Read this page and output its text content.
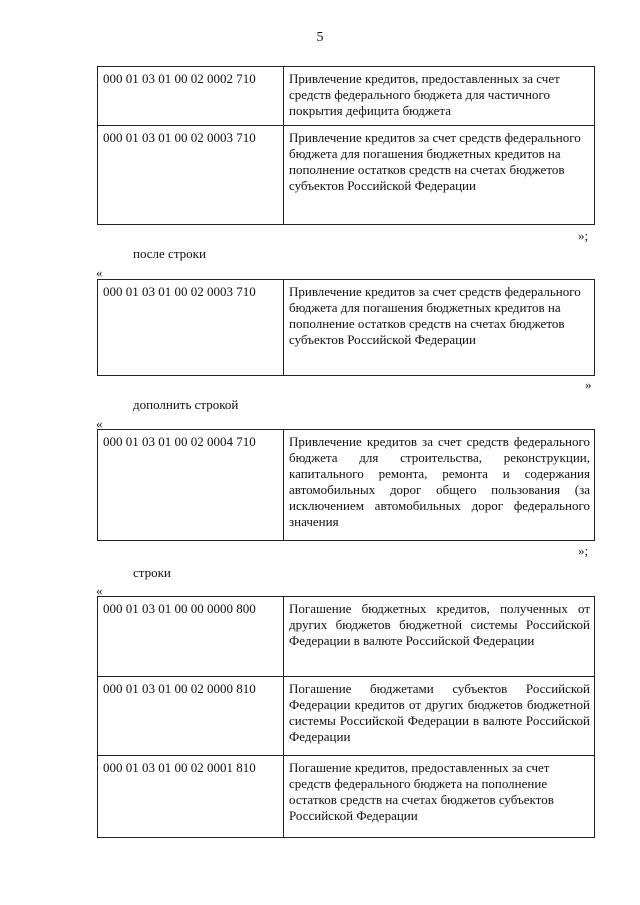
5
000 01 03 01 00 02 0002 710	Привлечение кредитов, предоставленных за счет средств федерального бюджета для частичного покрытия дефицита бюджета
000 01 03 01 00 02 0003 710	Привлечение кредитов за счет средств федерального бюджета для погашения бюджетных кредитов на пополнение остатков средств на счетах бюджетов субъектов Российской Федерации
»;
после строки
«
000 01 03 01 00 02 0003 710	Привлечение кредитов за счет средств федерального бюджета для погашения бюджетных кредитов на пополнение остатков средств на счетах бюджетов субъектов Российской Федерации
»
дополнить строкой
«
000 01 03 01 00 02 0004 710	Привлечение кредитов за счет средств федерального бюджета для строительства, реконструкции, капитального ремонта, ремонта и содержания автомобильных дорог общего пользования (за исключением автомобильных дорог федерального значения
»;
строки
«
000 01 03 01 00 00 0000 800	Погашение бюджетных кредитов, полученных от других бюджетов бюджетной системы Российской Федерации в валюте Российской Федерации
000 01 03 01 00 02 0000 810	Погашение бюджетами субъектов Российской Федерации кредитов от других бюджетов бюджетной системы Российской Федерации в валюте Российской Федерации
000 01 03 01 00 02 0001 810	Погашение кредитов, предоставленных за счет средств федерального бюджета на пополнение остатков средств на счетах бюджетов субъектов Российской Федерации
